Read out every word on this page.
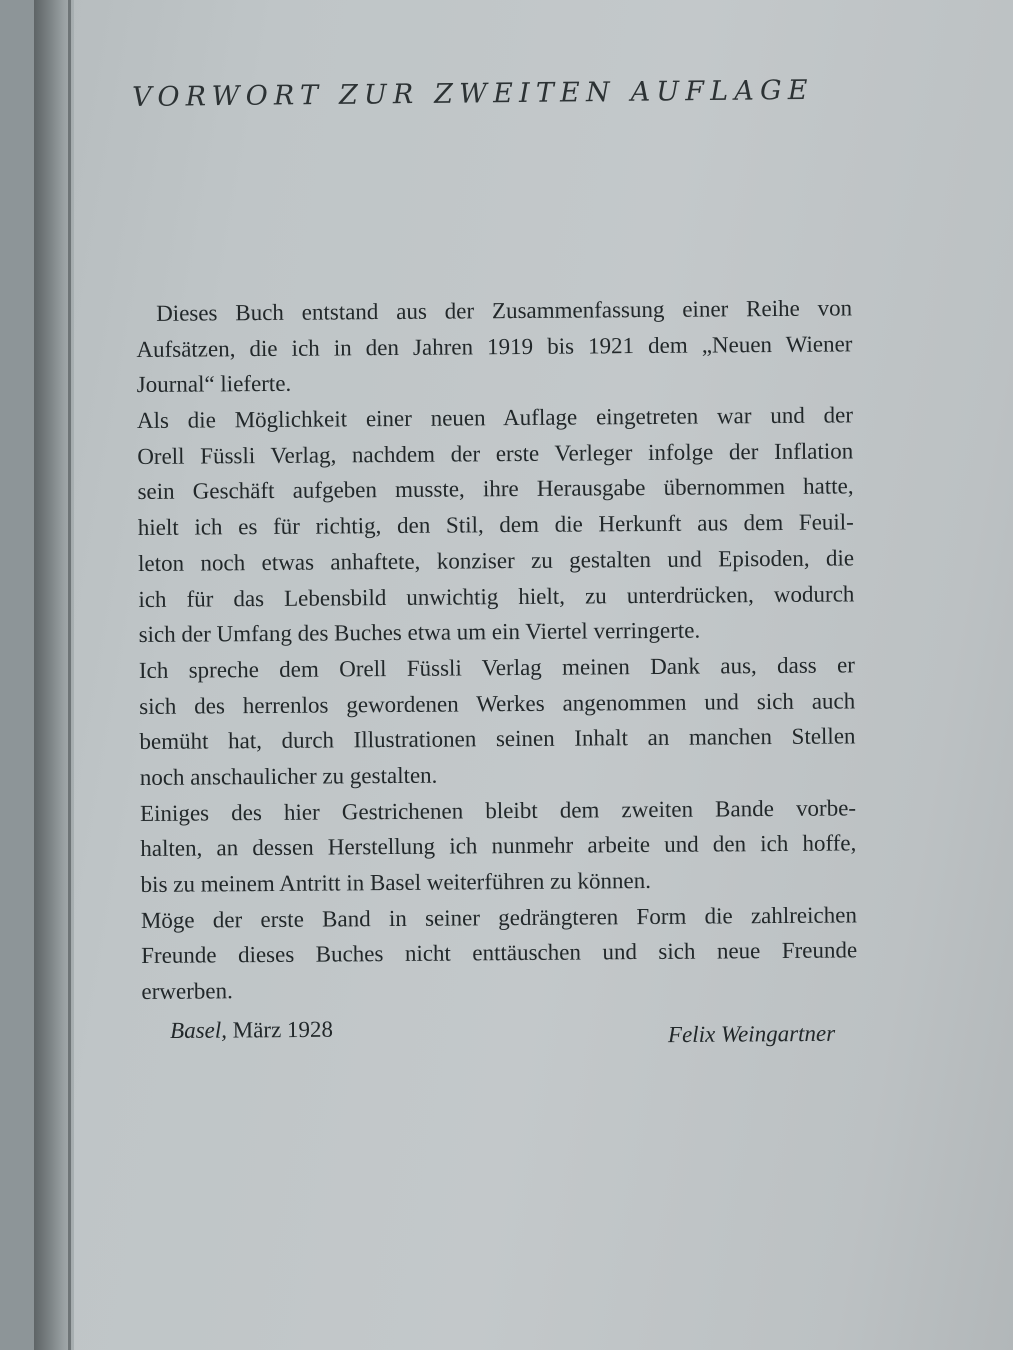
VORWORT ZUR ZWEITEN AUFLAGE
Dieses Buch entstand aus der Zusammenfassung einer Reihe von
Aufsätzen, die ich in den Jahren 1919 bis 1921 dem „Neuen Wiener
Journal“ lieferte.
Als die Möglichkeit einer neuen Auflage eingetreten war und der
Orell Füssli Verlag, nachdem der erste Verleger infolge der Inflation
sein Geschäft aufgeben musste, ihre Herausgabe übernommen hatte,
hielt ich es für richtig, den Stil, dem die Herkunft aus dem Feuil-
leton noch etwas anhaftete, konziser zu gestalten und Episoden, die
ich für das Lebensbild unwichtig hielt, zu unterdrücken, wodurch
sich der Umfang des Buches etwa um ein Viertel verringerte.
Ich spreche dem Orell Füssli Verlag meinen Dank aus, dass er
sich des herrenlos gewordenen Werkes angenommen und sich auch
bemüht hat, durch Illustrationen seinen Inhalt an manchen Stellen
noch anschaulicher zu gestalten.
Einiges des hier Gestrichenen bleibt dem zweiten Bande vorbe-
halten, an dessen Herstellung ich nunmehr arbeite und den ich hoffe,
bis zu meinem Antritt in Basel weiterführen zu können.
Möge der erste Band in seiner gedrängteren Form die zahlreichen
Freunde dieses Buches nicht enttäuschen und sich neue Freunde
erwerben.
Basel, März 1928	Felix Weingartner
